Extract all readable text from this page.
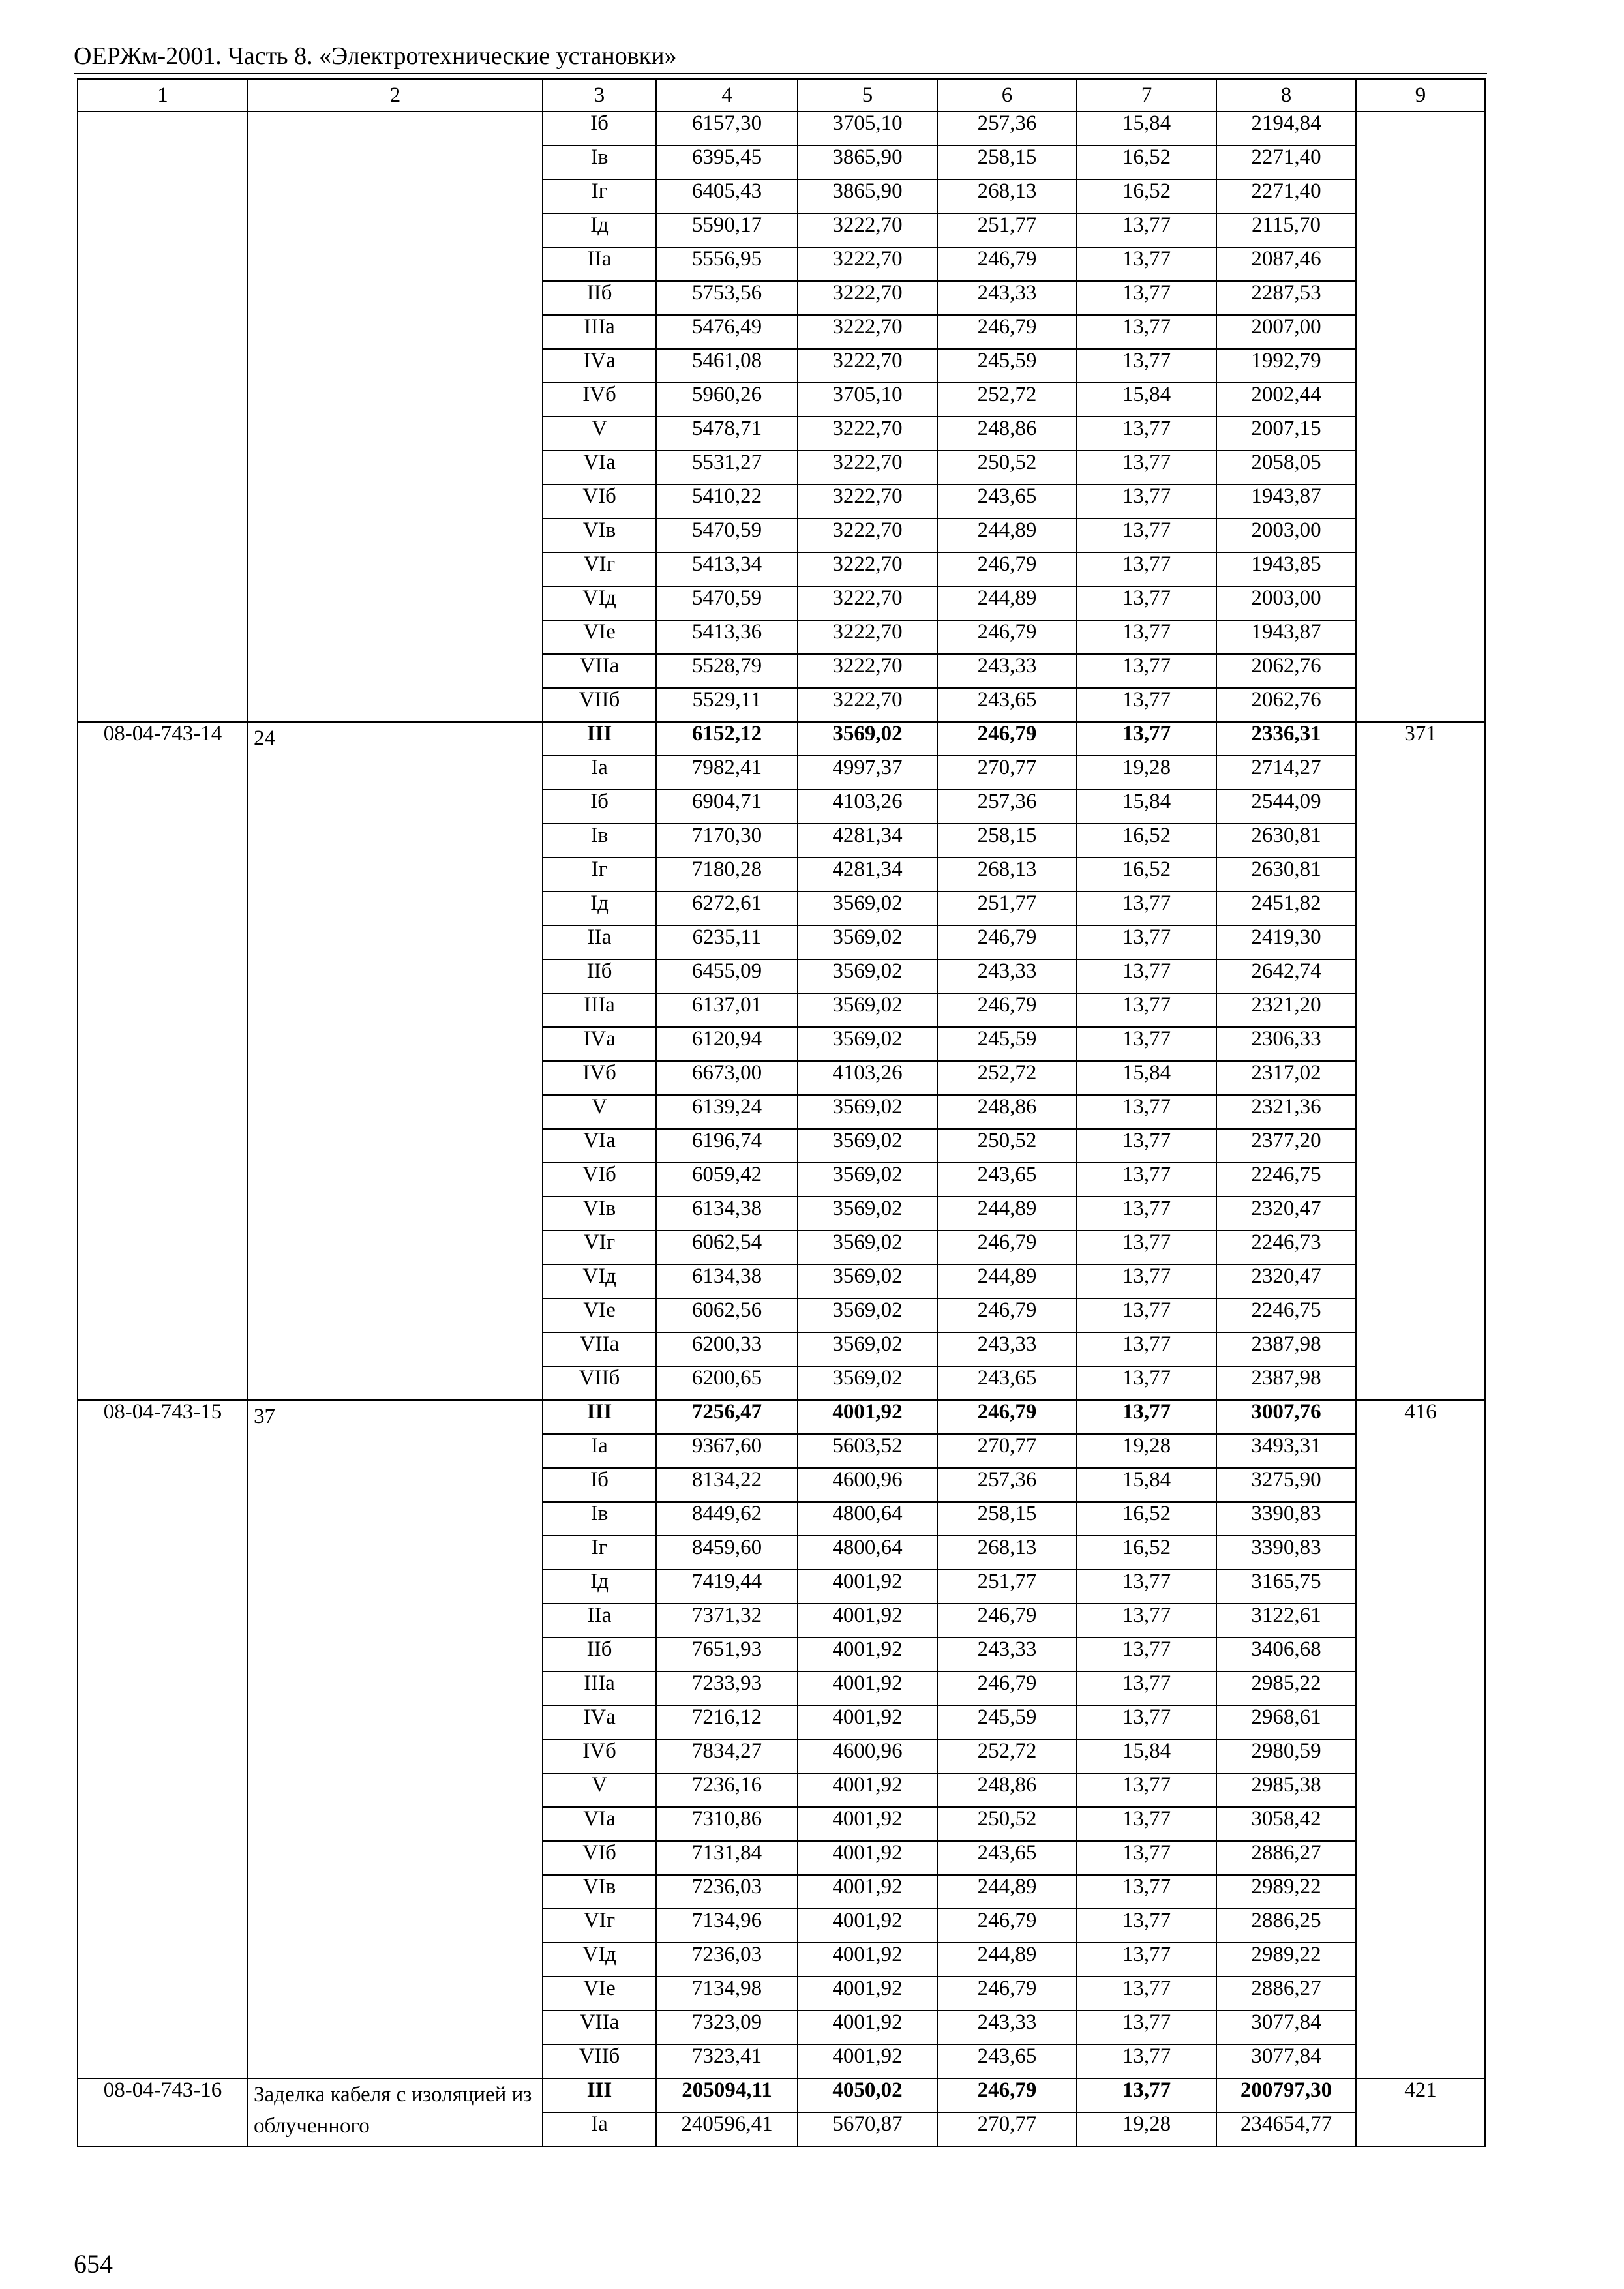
ОЕРЖм-2001. Часть 8. «Электротехнические установки»
1	2	3	4	5	6	7	8	9
		Iб	6157,30	3705,10	257,36	15,84	2194,84	
		Iв	6395,45	3865,90	258,15	16,52	2271,40	
		Iг	6405,43	3865,90	268,13	16,52	2271,40	
		Iд	5590,17	3222,70	251,77	13,77	2115,70	
		IIа	5556,95	3222,70	246,79	13,77	2087,46	
		IIб	5753,56	3222,70	243,33	13,77	2287,53	
		IIIа	5476,49	3222,70	246,79	13,77	2007,00	
		IVа	5461,08	3222,70	245,59	13,77	1992,79	
		IVб	5960,26	3705,10	252,72	15,84	2002,44	
		V	5478,71	3222,70	248,86	13,77	2007,15	
		VIа	5531,27	3222,70	250,52	13,77	2058,05	
		VIб	5410,22	3222,70	243,65	13,77	1943,87	
		VIв	5470,59	3222,70	244,89	13,77	2003,00	
		VIг	5413,34	3222,70	246,79	13,77	1943,85	
		VIд	5470,59	3222,70	244,89	13,77	2003,00	
		VIе	5413,36	3222,70	246,79	13,77	1943,87	
		VIIа	5528,79	3222,70	243,33	13,77	2062,76	
		VIIб	5529,11	3222,70	243,65	13,77	2062,76	
08-04-743-14	24	III	6152,12	3569,02	246,79	13,77	2336,31	371
		Iа	7982,41	4997,37	270,77	19,28	2714,27	
		Iб	6904,71	4103,26	257,36	15,84	2544,09	
		Iв	7170,30	4281,34	258,15	16,52	2630,81	
		Iг	7180,28	4281,34	268,13	16,52	2630,81	
		Iд	6272,61	3569,02	251,77	13,77	2451,82	
		IIа	6235,11	3569,02	246,79	13,77	2419,30	
		IIб	6455,09	3569,02	243,33	13,77	2642,74	
		IIIа	6137,01	3569,02	246,79	13,77	2321,20	
		IVа	6120,94	3569,02	245,59	13,77	2306,33	
		IVб	6673,00	4103,26	252,72	15,84	2317,02	
		V	6139,24	3569,02	248,86	13,77	2321,36	
		VIа	6196,74	3569,02	250,52	13,77	2377,20	
		VIб	6059,42	3569,02	243,65	13,77	2246,75	
		VIв	6134,38	3569,02	244,89	13,77	2320,47	
		VIг	6062,54	3569,02	246,79	13,77	2246,73	
		VIд	6134,38	3569,02	244,89	13,77	2320,47	
		VIе	6062,56	3569,02	246,79	13,77	2246,75	
		VIIа	6200,33	3569,02	243,33	13,77	2387,98	
		VIIб	6200,65	3569,02	243,65	13,77	2387,98	
08-04-743-15	37	III	7256,47	4001,92	246,79	13,77	3007,76	416
		Iа	9367,60	5603,52	270,77	19,28	3493,31	
		Iб	8134,22	4600,96	257,36	15,84	3275,90	
		Iв	8449,62	4800,64	258,15	16,52	3390,83	
		Iг	8459,60	4800,64	268,13	16,52	3390,83	
		Iд	7419,44	4001,92	251,77	13,77	3165,75	
		IIа	7371,32	4001,92	246,79	13,77	3122,61	
		IIб	7651,93	4001,92	243,33	13,77	3406,68	
		IIIа	7233,93	4001,92	246,79	13,77	2985,22	
		IVа	7216,12	4001,92	245,59	13,77	2968,61	
		IVб	7834,27	4600,96	252,72	15,84	2980,59	
		V	7236,16	4001,92	248,86	13,77	2985,38	
		VIа	7310,86	4001,92	250,52	13,77	3058,42	
		VIб	7131,84	4001,92	243,65	13,77	2886,27	
		VIв	7236,03	4001,92	244,89	13,77	2989,22	
		VIг	7134,96	4001,92	246,79	13,77	2886,25	
		VIд	7236,03	4001,92	244,89	13,77	2989,22	
		VIе	7134,98	4001,92	246,79	13,77	2886,27	
		VIIа	7323,09	4001,92	243,33	13,77	3077,84	
		VIIб	7323,41	4001,92	243,65	13,77	3077,84	
08-04-743-16	Заделка кабеля с изоляцией из облученного	III	205094,11	4050,02	246,79	13,77	200797,30	421
		Iа	240596,41	5670,87	270,77	19,28	234654,77	
654
